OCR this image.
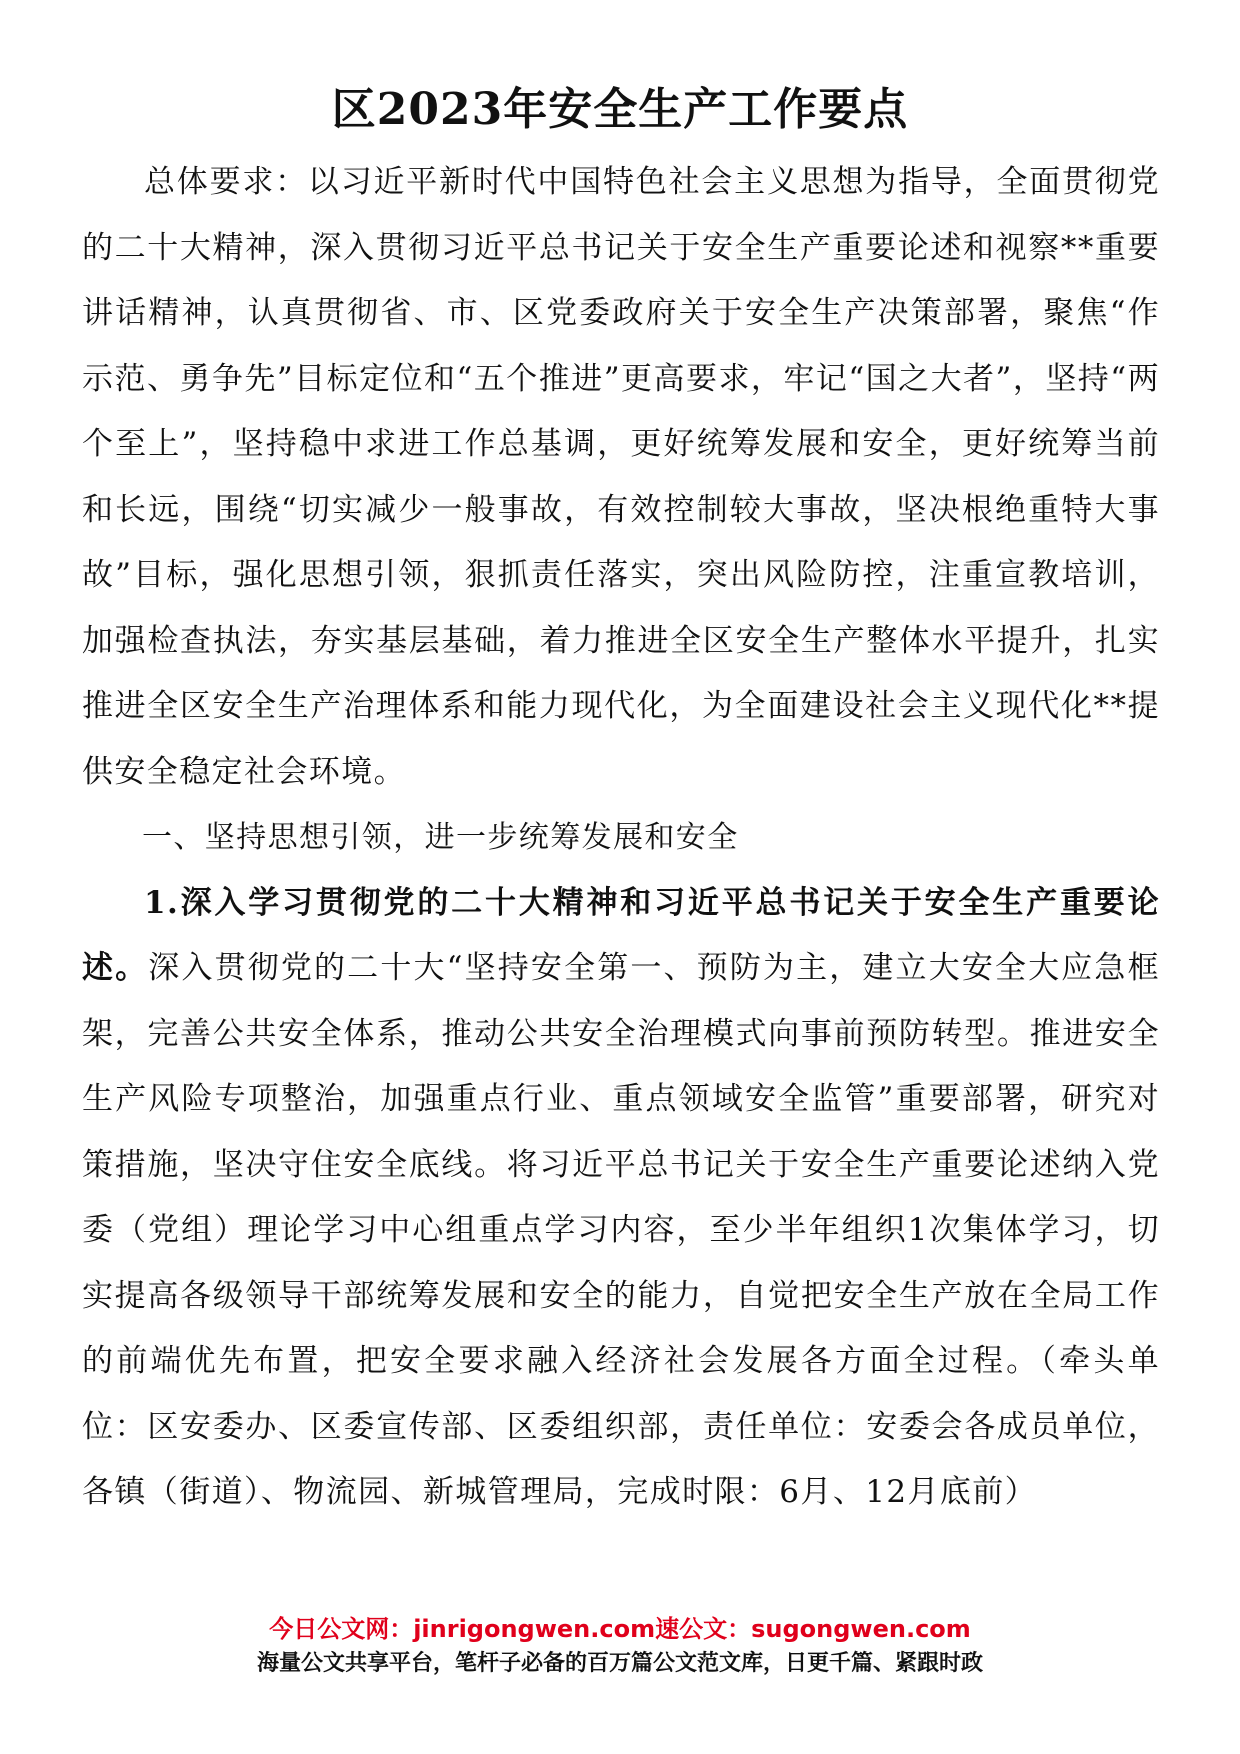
区2023年安全生产工作要点

总体要求：以习近平新时代中国特色社会主义思想为指导，全面贯彻党的二十大精神，深入贯彻习近平总书记关于安全生产重要论述和视察**重要讲话精神，认真贯彻省、市、区党委政府关于安全生产决策部署，聚焦“作示范、勇争先”目标定位和“五个推进”更高要求，牢记“国之大者”，坚持“两个至上”，坚持稳中求进工作总基调，更好统筹发展和安全，更好统筹当前和长远，围绕“切实减少一般事故，有效控制较大事故，坚决根绝重特大事故”目标，强化思想引领，狠抓责任落实，突出风险防控，注重宣教培训，加强检查执法，夯实基层基础，着力推进全区安全生产整体水平提升，扎实推进全区安全生产治理体系和能力现代化，为全面建设社会主义现代化**提供安全稳定社会环境。

一、坚持思想引领，进一步统筹发展和安全

1.深入学习贯彻党的二十大精神和习近平总书记关于安全生产重要论述。深入贯彻党的二十大“坚持安全第一、预防为主，建立大安全大应急框架，完善公共安全体系，推动公共安全治理模式向事前预防转型。推进安全生产风险专项整治，加强重点行业、重点领域安全监管”重要部署，研究对策措施，坚决守住安全底线。将习近平总书记关于安全生产重要论述纳入党委（党组）理论学习中心组重点学习内容，至少半年组织1次集体学习，切实提高各级领导干部统筹发展和安全的能力，自觉把安全生产放在全局工作的前端优先布置，把安全要求融入经济社会发展各方面全过程。（牵头单位：区安委办、区委宣传部、区委组织部，责任单位：安委会各成员单位，各镇（街道）、物流园、新城管理局，完成时限：6月、12月底前）

今日公文网：jinrigongwen.com速公文：sugongwen.com
海量公文共享平台，笔杆子必备的百万篇公文范文库，日更千篇、紧跟时政
